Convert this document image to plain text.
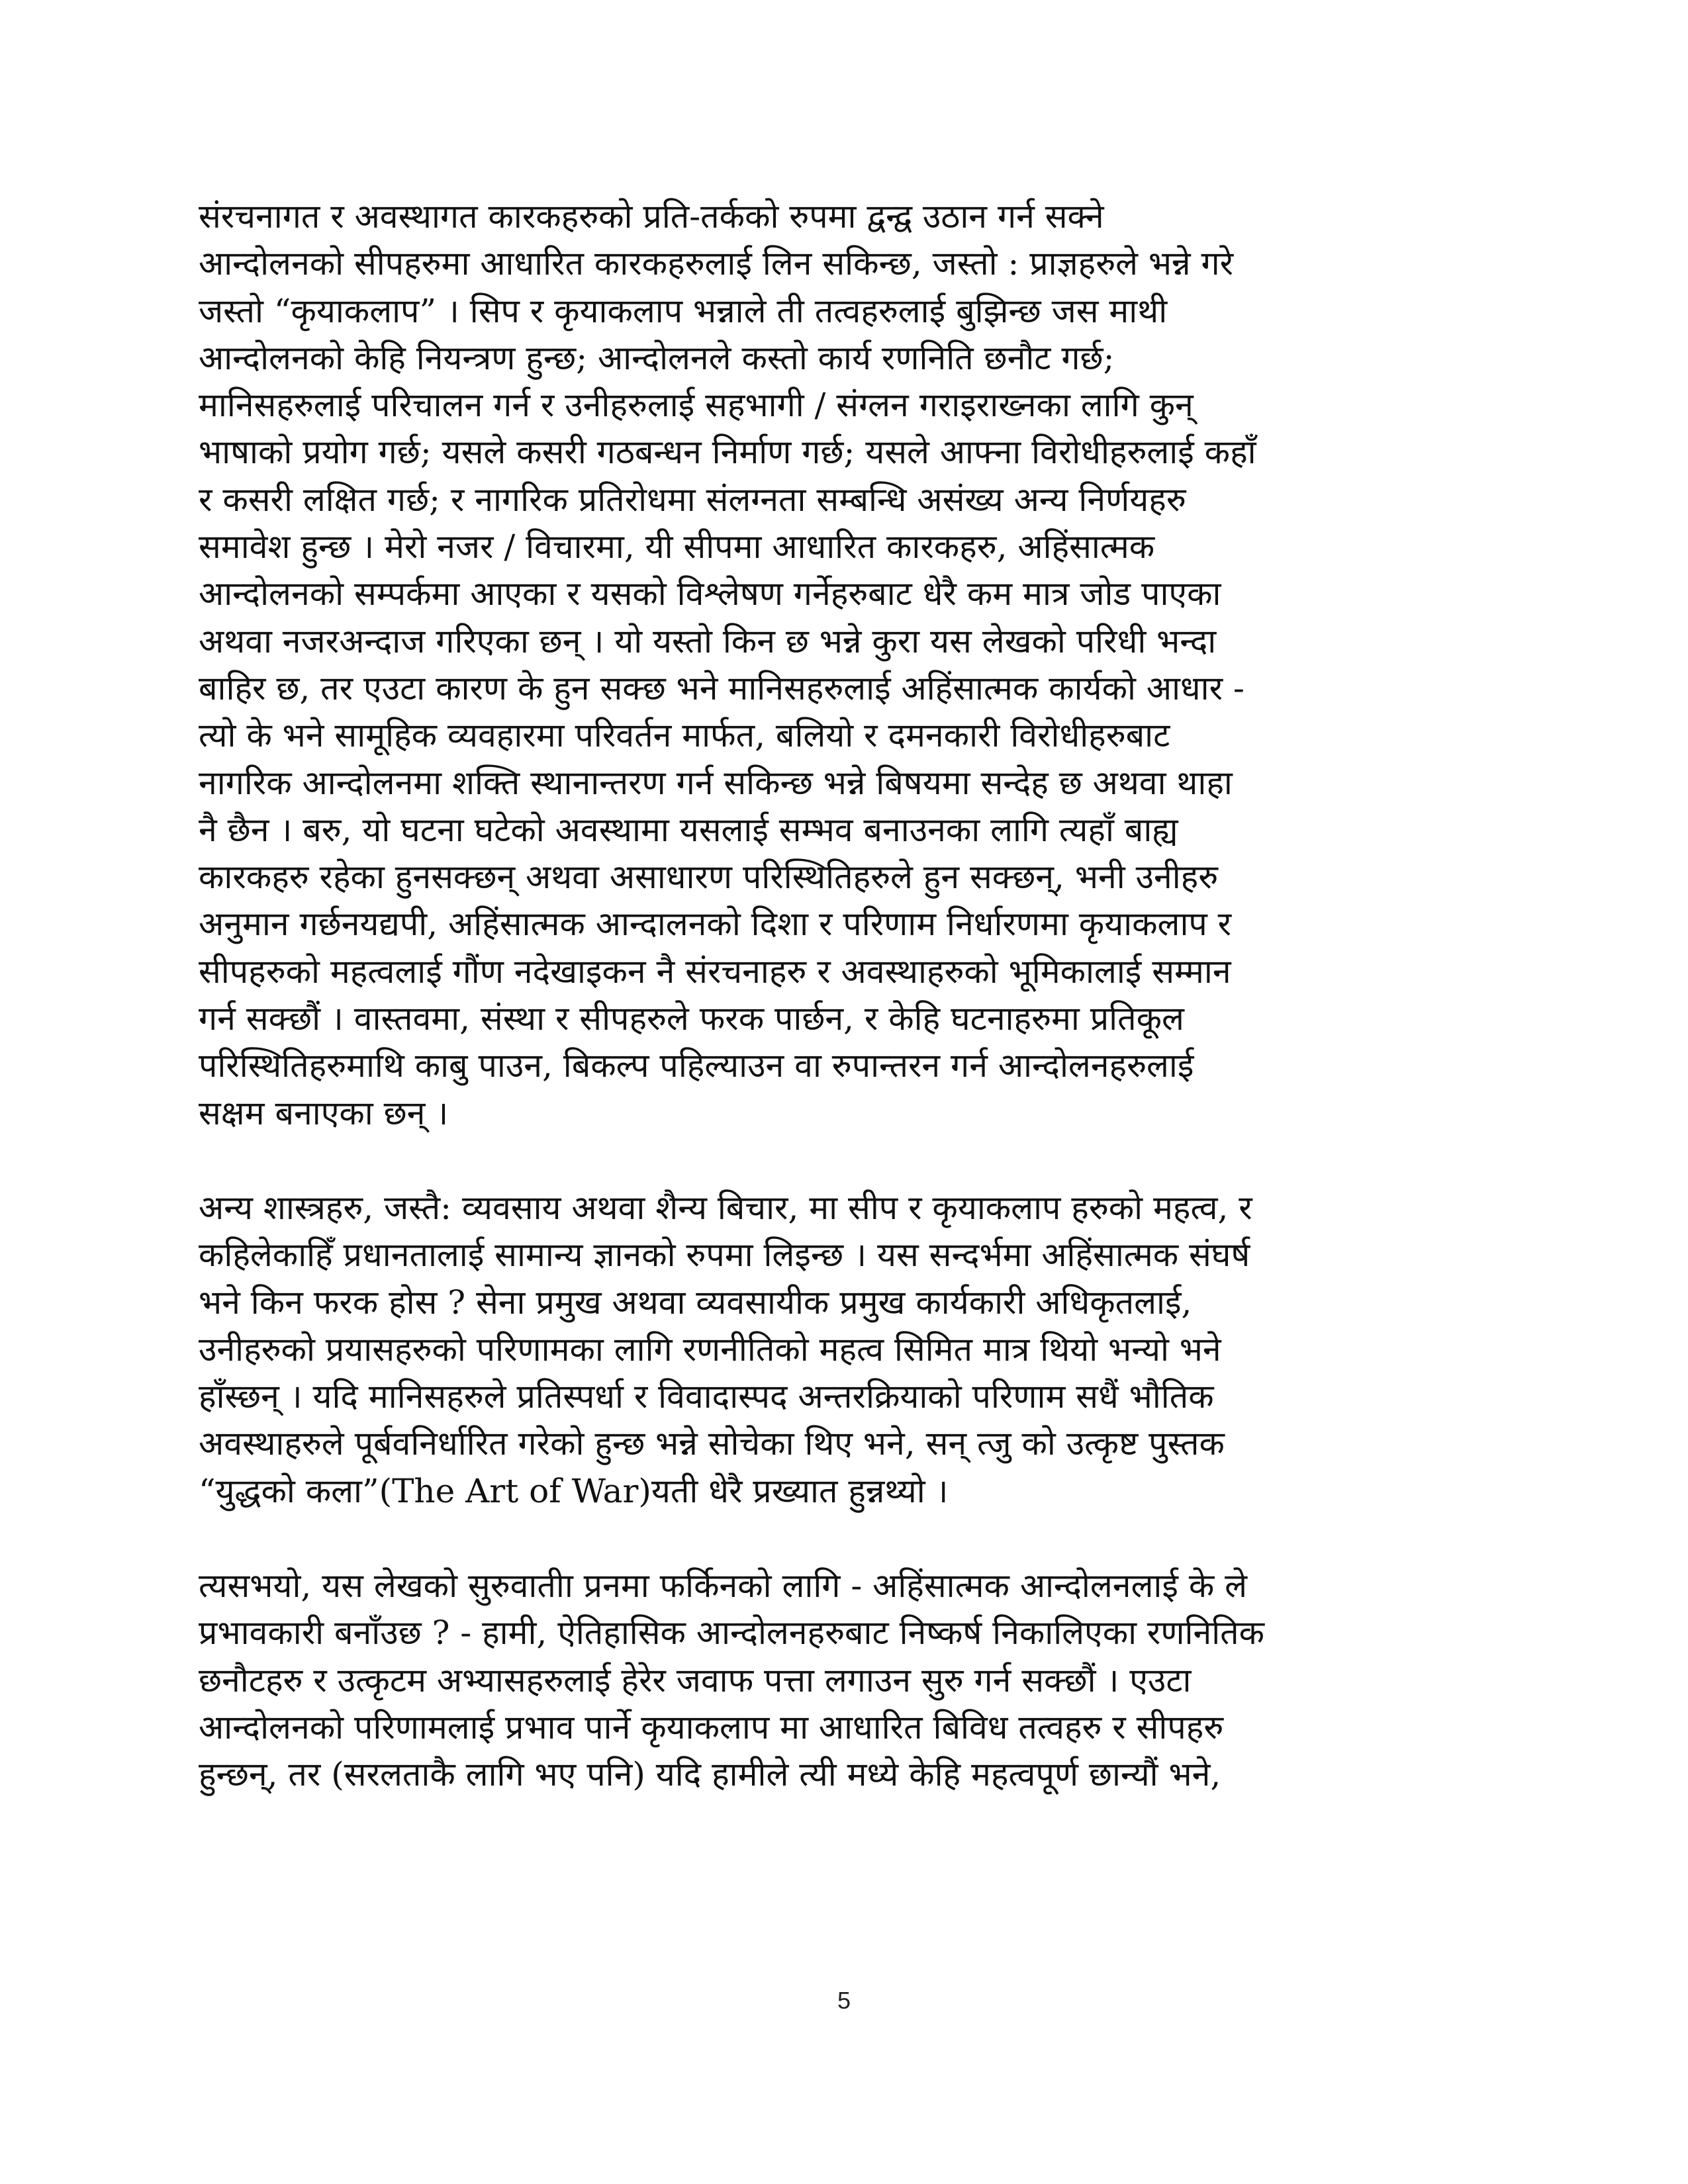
संरचनागत र अवस्थागत कारकहरुको प्रति-तर्कको रुपमा द्वन्द्व उठान गर्न सक्ने
आन्दोलनको सीपहरुमा आधारित कारकहरुलाई लिन सकिन्छ, जस्तो : प्राज्ञहरुले भन्ने गरे
जस्तो “कृयाकलाप” । सिप र कृयाकलाप भन्नाले ती तत्वहरुलाई बुझिन्छ जस माथी
आन्दोलनको केहि नियन्त्रण हुन्छ; आन्दोलनले कस्तो कार्य रणनिति छनौट गर्छ;
मानिसहरुलाई परिचालन गर्न र उनीहरुलाई सहभागी / संग्लन गराइराख्नका लागि कुन्
भाषाको प्रयोग गर्छ; यसले कसरी गठबन्धन निर्माण गर्छ; यसले आफ्ना विरोधीहरुलाई कहाँ
र कसरी लक्षित गर्छ; र नागरिक प्रतिरोधमा संलग्नता सम्बन्धि असंख्य अन्य निर्णयहरु
समावेश हुन्छ । मेरो नजर / विचारमा, यी सीपमा आधारित कारकहरु, अहिंसात्मक
आन्दोलनको सम्पर्कमा आएका र यसको विश्लेषण गर्नेहरुबाट धेरै कम मात्र जोड पाएका
अथवा नजरअन्दाज गरिएका छन् । यो यस्तो किन छ भन्ने कुरा यस लेखको परिधी भन्दा
बाहिर छ, तर एउटा कारण के हुन सक्छ भने मानिसहरुलाई अहिंसात्मक कार्यको आधार -
त्यो के भने सामूहिक व्यवहारमा परिवर्तन मार्फत, बलियो र दमनकारी विरोधीहरुबाट
नागरिक आन्दोलनमा शक्ति स्थानान्तरण गर्न सकिन्छ भन्ने बिषयमा सन्देह छ अथवा थाहा
नै छैन । बरु, यो घटना घटेको अवस्थामा यसलाई सम्भव बनाउनका लागि त्यहाँ बाह्य
कारकहरु रहेका हुनसक्छन् अथवा असाधारण परिस्थितिहरुले हुन सक्छन्, भनी उनीहरु
अनुमान गर्छनयद्यपी, अहिंसात्मक आन्दालनको दिशा र परिणाम निर्धारणमा कृयाकलाप र
सीपहरुको महत्वलाई गौंण नदेखाइकन नै संरचनाहरु र अवस्थाहरुको भूमिकालाई सम्मान
गर्न सक्छौं । वास्तवमा, संस्था र सीपहरुले फरक पार्छन, र केहि घटनाहरुमा प्रतिकूल
परिस्थितिहरुमाथि काबु पाउन, बिकल्प पहिल्याउन वा रुपान्तरन गर्न आन्दोलनहरुलाई
सक्षम बनाएका छन् ।
अन्य शास्त्रहरु, जस्तै: व्यवसाय अथवा शैन्य बिचार, मा सीप र कृयाकलाप हरुको महत्व, र
कहिलेकाहिँ प्रधानतालाई सामान्य ज्ञानको रुपमा लिइन्छ । यस सन्दर्भमा अहिंसात्मक संघर्ष
भने किन फरक होस ? सेना प्रमुख अथवा व्यवसायीक प्रमुख कार्यकारी अधिकृतलाई,
उनीहरुको प्रयासहरुको परिणामका लागि रणनीतिको महत्व सिमित मात्र थियो भन्यो भने
हाँस्छन् । यदि मानिसहरुले प्रतिस्पर्धा र विवादास्पद अन्तरक्रियाको परिणाम सधैं भौतिक
अवस्थाहरुले पूर्बवनिर्धारित गरेको हुन्छ भन्ने सोचेका थिए भने, सन् त्जु को उत्कृष्ट पुस्तक
“युद्धको कला”(The Art of War)यती धेरै प्रख्यात हुन्नथ्यो ।
त्यसभयो, यस लेखको सुरुवातीा प्रनमा फर्किनको लागि - अहिंसात्मक आन्दोलनलाई के ले
प्रभावकारी बनाँउछ ? - हामी, ऐतिहासिक आन्दोलनहरुबाट निष्कर्ष निकालिएका रणनितिक
छनौटहरु र उत्कृटम अभ्यासहरुलाई हेरेर जवाफ पत्ता लगाउन सुरु गर्न सक्छौं । एउटा
आन्दोलनको परिणामलाई प्रभाव पार्ने कृयाकलाप मा आधारित बिविध तत्वहरु र सीपहरु
हुन्छन्, तर (सरलताकै लागि भए पनि) यदि हामीले त्यी मध्ये केहि महत्वपूर्ण छान्यौं भने,
5
